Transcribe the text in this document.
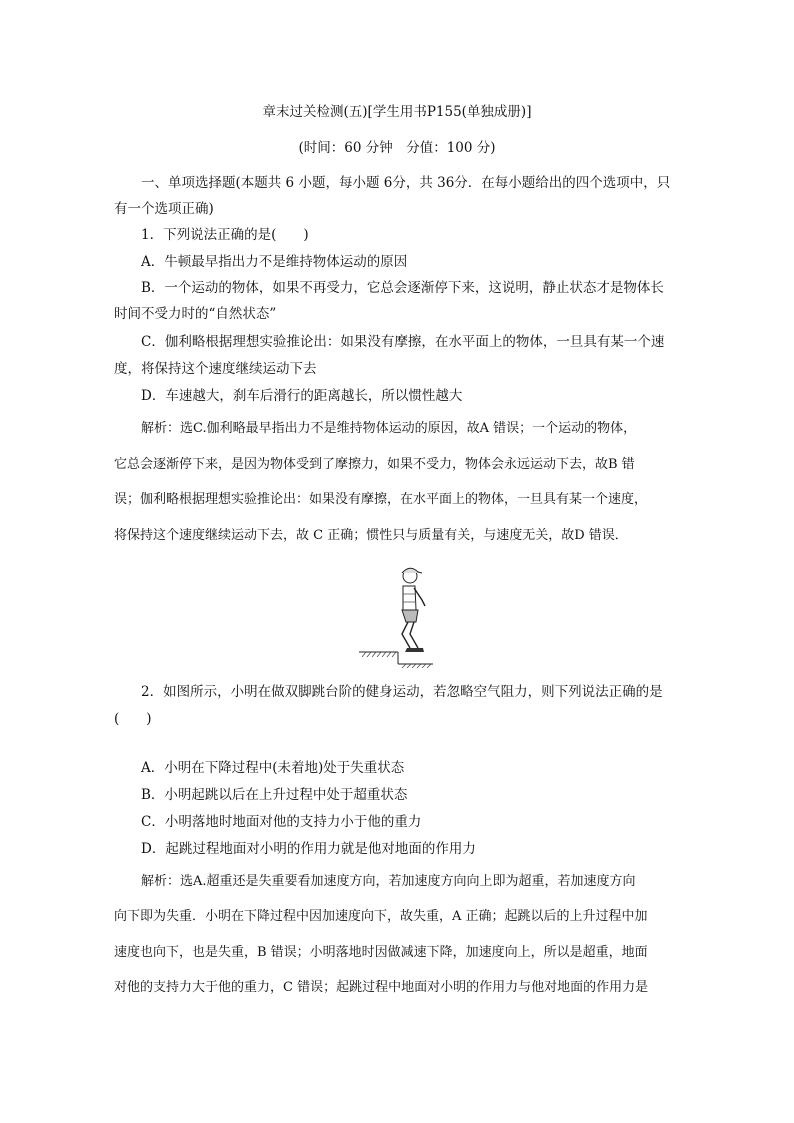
章末过关检测(五)[学生用书P155(单独成册)]
(时间：60 分钟　分值：100 分)
一、单项选择题(本题共 6 小题，每小题 6分，共 36分．在每小题给出的四个选项中，只
有一个选项正确)
1．下列说法正确的是(　　)
A．牛顿最早指出力不是维持物体运动的原因
B．一个运动的物体，如果不再受力，它总会逐渐停下来，这说明，静止状态才是物体长
时间不受力时的“自然状态”
C．伽利略根据理想实验推论出：如果没有摩擦，在水平面上的物体，一旦具有某一个速
度，将保持这个速度继续运动下去
D．车速越大，刹车后滑行的距离越长，所以惯性越大
解析：选C.伽利略最早指出力不是维持物体运动的原因，故A 错误；一个运动的物体，
它总会逐渐停下来，是因为物体受到了摩擦力，如果不受力，物体会永远运动下去，故B 错
误；伽利略根据理想实验推论出：如果没有摩擦，在水平面上的物体，一旦具有某一个速度，
将保持这个速度继续运动下去，故 C 正确；惯性只与质量有关，与速度无关，故D 错误．
2．如图所示，小明在做双脚跳台阶的健身运动，若忽略空气阻力，则下列说法正确的是
(　　)
A．小明在下降过程中(未着地)处于失重状态
B．小明起跳以后在上升过程中处于超重状态
C．小明落地时地面对他的支持力小于他的重力
D．起跳过程地面对小明的作用力就是他对地面的作用力
解析：选A.超重还是失重要看加速度方向，若加速度方向向上即为超重，若加速度方向
向下即为失重．小明在下降过程中因加速度向下，故失重，A 正确；起跳以后的上升过程中加
速度也向下，也是失重，B 错误；小明落地时因做减速下降，加速度向上，所以是超重，地面
对他的支持力大于他的重力，C 错误；起跳过程中地面对小明的作用力与他对地面的作用力是
